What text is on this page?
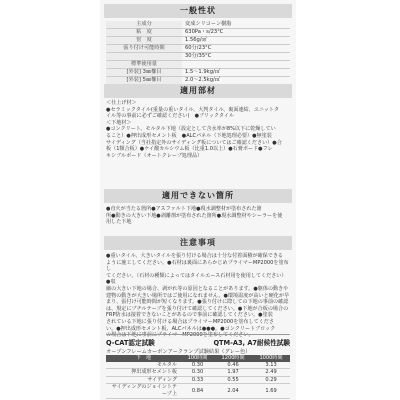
一般性状
主成分	変成シリコーン樹脂
粘　度	630Pa・s/23°C
密　度	1.56g/㎤
張り付け可能時間	60分/23°C
	30分/35°C
標準使用量	
[外装] 3㎜櫛目	1.5～1.9kg/㎡
[外装] 5㎜櫛目	2.0～2.5kg/㎡
適用部材
＜仕上げ材＞
●セラミックタイル(重量の重いタイル、大判タイル、裏面連結、ユニットタ
イル等の事前に必ずご確認ください)　●ブリックタイル
＜下地材＞
●コンクリート、モルタル下地（設定として含水率が8%以下に乾燥してい
ること）●押出成形セメント板　●ALCパネル（下地処理必要）●無塗装
サイディング（当社指定外のサイディング板についてはご確認ください）●合
板（1類合板）●ケイ酸カルシウム板（比重1.0以上）●石膏ボード●フレ
キシブルボード（オートクレーブ処理品）
適用できない箇所
●直火が当たる箇所●アスファルト下地●現水調整材が塗布された箇
所●動きの大きい下地●剥離剤が塗布された箇所●現水調整材やシーラーを使
用した下地
注意事項
●重いタイル、大きいタイルを張り付ける場合は十分な付着面積が確保できる
ように施工してください。●石材は裏面にあらかじめプライマーMP2000を塗布し
てください。（石材の種類によってはタイルエース石材用を使用してください）●収
縮の大きい下地の場合、剥がれ等の原因となることがあります。●躯体の動きや
建物の動きが大きい場所ではご使用になれません。●環境温度が高いと硬化が早
まり、張付け可能時間が短くなります。●張り付けに際しての下地の事前の確認
は、規定にブチルテープを張り付けて確認してください。●下地が合板の場合の
FRP防水は接着できないことがあるので事前に確認してください。●塗装
されている下地に張り付ける場合はプライマーMP2000を塗布してくださ
い。●押出成形セメント板、ALCパネルは●●●。●コンクリートブロック
の場合は下地に事前にプライマーMP2000を塗布してください。
Q-CAT認定試験	QTM-A3, A7耐候性試験
オープンフレームカーボンアークランプ試験結果（グレー色）
下　地	100時間	1200時間	1000時間
モルタル	0.30	0.46	3.13
押出成形セメント板	0.30	1.97	2.49
サイディング	0.33	0.55	0.29
サイディングのジョイントテープ上	0.84	2.04	1.69
